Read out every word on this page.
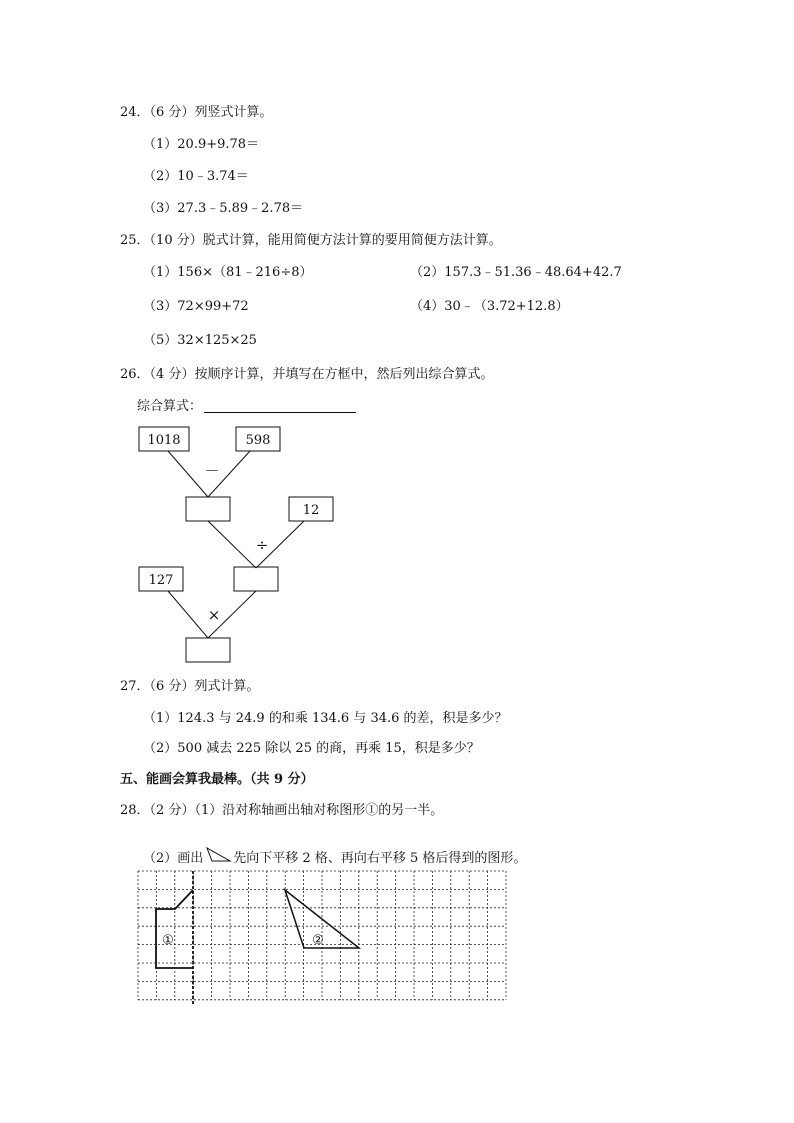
24．（6 分）列竖式计算。
（1）20.9+9.78＝
（2）10﹣3.74＝
（3）27.3﹣5.89﹣2.78＝
25．（10 分）脱式计算，能用简便方法计算的要用简便方法计算。
（1）156×（81﹣216÷8）	（2）157.3﹣51.36﹣48.64+42.7
（3）72×99+72	（4）30﹣（3.72+12.8）
（5）32×125×25
26．（4 分）按顺序计算，并填写在方框中，然后列出综合算式。
综合算式：
1018	598
12
127
－
÷
×
27．（6 分）列式计算。
（1）124.3 与 24.9 的和乘 134.6 与 34.6 的差，积是多少？
（2）500 减去 225 除以 25 的商，再乘 15，积是多少？
五、能画会算我最棒。（共 9 分）
28．（2 分）（1）沿对称轴画出轴对称图形①的另一半。
（2）画出 先向下平移 2 格、再向右平移 5 格后得到的图形。
①	②
